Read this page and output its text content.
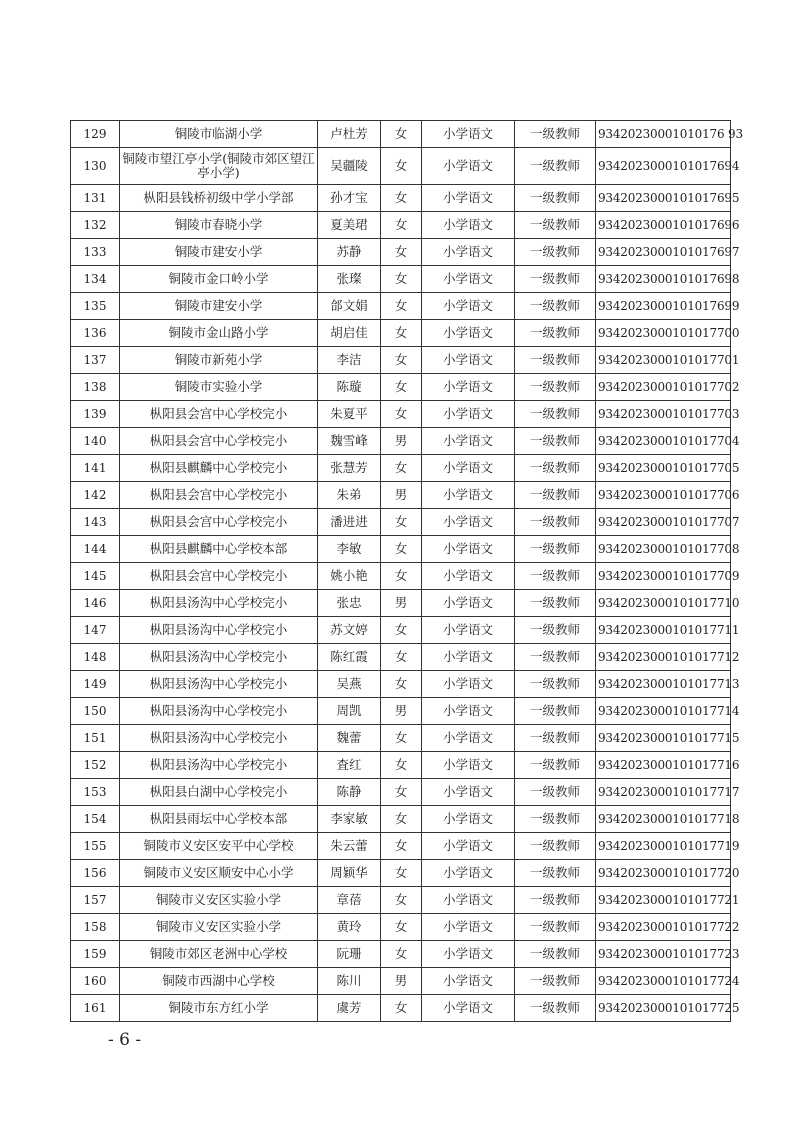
129	铜陵市临湖小学	卢杜芳	女	小学语文	一级教师	93420230001010176 93
130	铜陵市望江亭小学(铜陵市郊区望江亭小学)	吴疆陵	女	小学语文	一级教师	9342023000101017694
131	枞阳县钱桥初级中学小学部	孙才宝	女	小学语文	一级教师	9342023000101017695
132	铜陵市春晓小学	夏美珺	女	小学语文	一级教师	9342023000101017696
133	铜陵市建安小学	苏静	女	小学语文	一级教师	9342023000101017697
134	铜陵市金口岭小学	张璨	女	小学语文	一级教师	9342023000101017698
135	铜陵市建安小学	郃文娟	女	小学语文	一级教师	9342023000101017699
136	铜陵市金山路小学	胡启佳	女	小学语文	一级教师	9342023000101017700
137	铜陵市新苑小学	李洁	女	小学语文	一级教师	9342023000101017701
138	铜陵市实验小学	陈璇	女	小学语文	一级教师	9342023000101017702
139	枞阳县会宫中心学校完小	朱夏平	女	小学语文	一级教师	9342023000101017703
140	枞阳县会宫中心学校完小	魏雪峰	男	小学语文	一级教师	9342023000101017704
141	枞阳县麒麟中心学校完小	张慧芳	女	小学语文	一级教师	9342023000101017705
142	枞阳县会宫中心学校完小	朱弟	男	小学语文	一级教师	9342023000101017706
143	枞阳县会宫中心学校完小	潘进进	女	小学语文	一级教师	9342023000101017707
144	枞阳县麒麟中心学校本部	李敏	女	小学语文	一级教师	9342023000101017708
145	枞阳县会宫中心学校完小	姚小艳	女	小学语文	一级教师	9342023000101017709
146	枞阳县汤沟中心学校完小	张忠	男	小学语文	一级教师	9342023000101017710
147	枞阳县汤沟中心学校完小	苏文婷	女	小学语文	一级教师	9342023000101017711
148	枞阳县汤沟中心学校完小	陈红霞	女	小学语文	一级教师	9342023000101017712
149	枞阳县汤沟中心学校完小	吴燕	女	小学语文	一级教师	9342023000101017713
150	枞阳县汤沟中心学校完小	周凯	男	小学语文	一级教师	9342023000101017714
151	枞阳县汤沟中心学校完小	魏蕾	女	小学语文	一级教师	9342023000101017715
152	枞阳县汤沟中心学校完小	査红	女	小学语文	一级教师	9342023000101017716
153	枞阳县白湖中心学校完小	陈静	女	小学语文	一级教师	9342023000101017717
154	枞阳县雨坛中心学校本部	李家敏	女	小学语文	一级教师	9342023000101017718
155	铜陵市义安区安平中心学校	朱云蕾	女	小学语文	一级教师	9342023000101017719
156	铜陵市义安区顺安中心小学	周颖华	女	小学语文	一级教师	9342023000101017720
157	铜陵市义安区实验小学	章蓓	女	小学语文	一级教师	9342023000101017721
158	铜陵市义安区实验小学	黄玲	女	小学语文	一级教师	9342023000101017722
159	铜陵市郊区老洲中心学校	阮珊	女	小学语文	一级教师	9342023000101017723
160	铜陵市西湖中心学校	陈川	男	小学语文	一级教师	9342023000101017724
161	铜陵市东方红小学	虞芳	女	小学语文	一级教师	9342023000101017725
- 6 -
